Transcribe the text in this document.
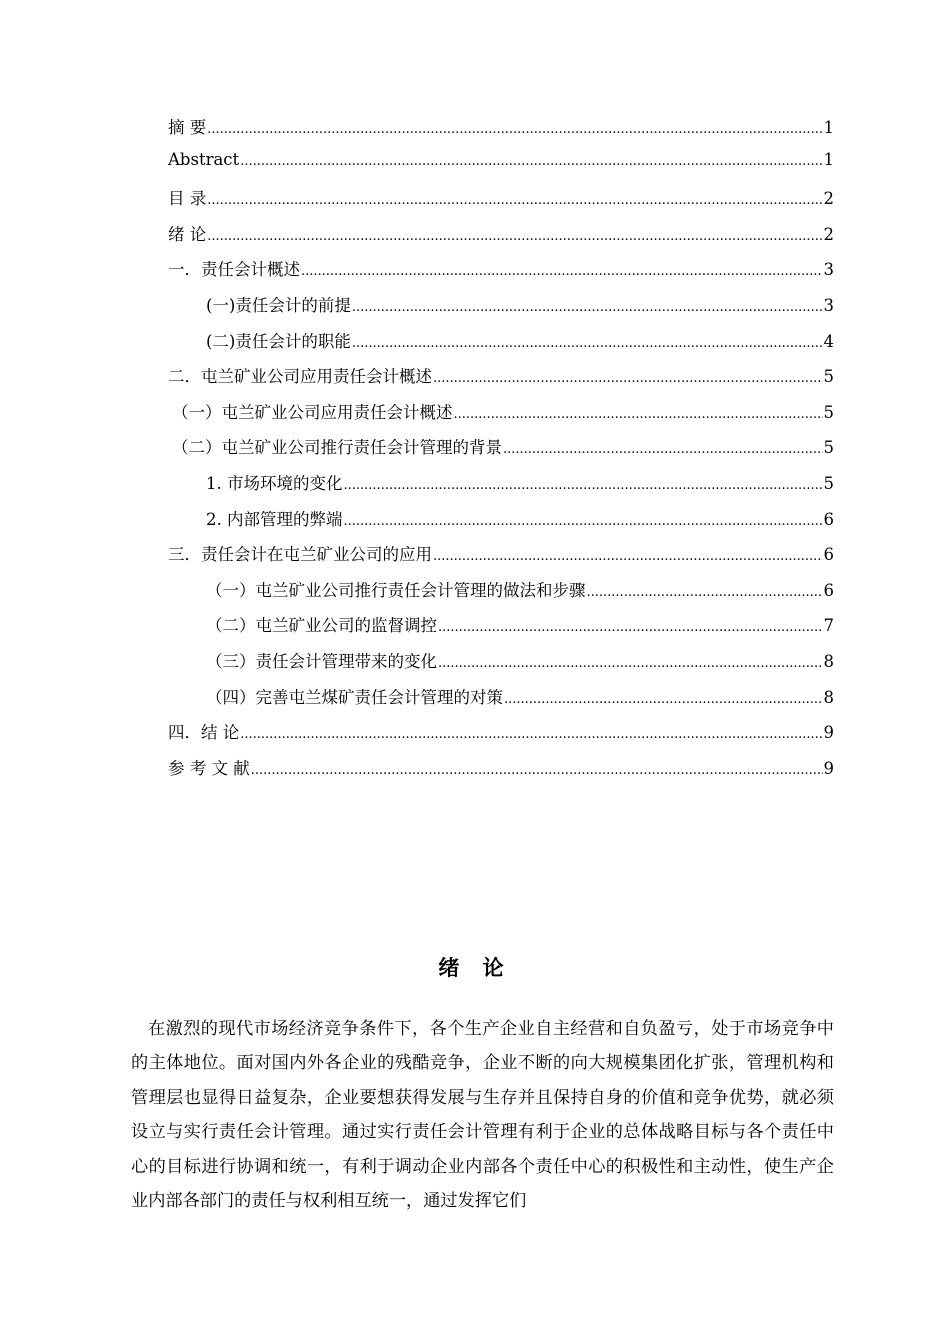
摘 要 .....	1
Abstract .....	1
目 录 .....	2
绪 论 .....	2
一．责任会计概述 .....	3
(一)责任会计的前提 .....	3
(二)责任会计的职能 .....	4
二．屯兰矿业公司应用责任会计概述 .....	5
（一）屯兰矿业公司应用责任会计概述 .....	5
（二）屯兰矿业公司推行责任会计管理的背景 .....	5
1. 市场环境的变化 .....	5
2. 内部管理的弊端 .....	6
三．责任会计在屯兰矿业公司的应用 .....	6
（一）屯兰矿业公司推行责任会计管理的做法和步骤 .....	6
（二）屯兰矿业公司的监督调控 .....	7
（三）责任会计管理带来的变化 .....	8
（四）完善屯兰煤矿责任会计管理的对策 .....	8
四．结 论 .....	9
参 考 文 献 .....	9
绪 论
在激烈的现代市场经济竞争条件下，各个生产企业自主经营和自负盈亏，处于市场竞争中的主体地位。面对国内外各企业的残酷竞争，企业不断的向大规模集团化扩张，管理机构和管理层也显得日益复杂，企业要想获得发展与生存并且保持自身的价值和竞争优势，就必须设立与实行责任会计管理。通过实行责任会计管理有利于企业的总体战略目标与各个责任中心的目标进行协调和统一，有利于调动企业内部各个责任中心的积极性和主动性，使生产企业内部各部门的责任与权利相互统一，通过发挥它们
